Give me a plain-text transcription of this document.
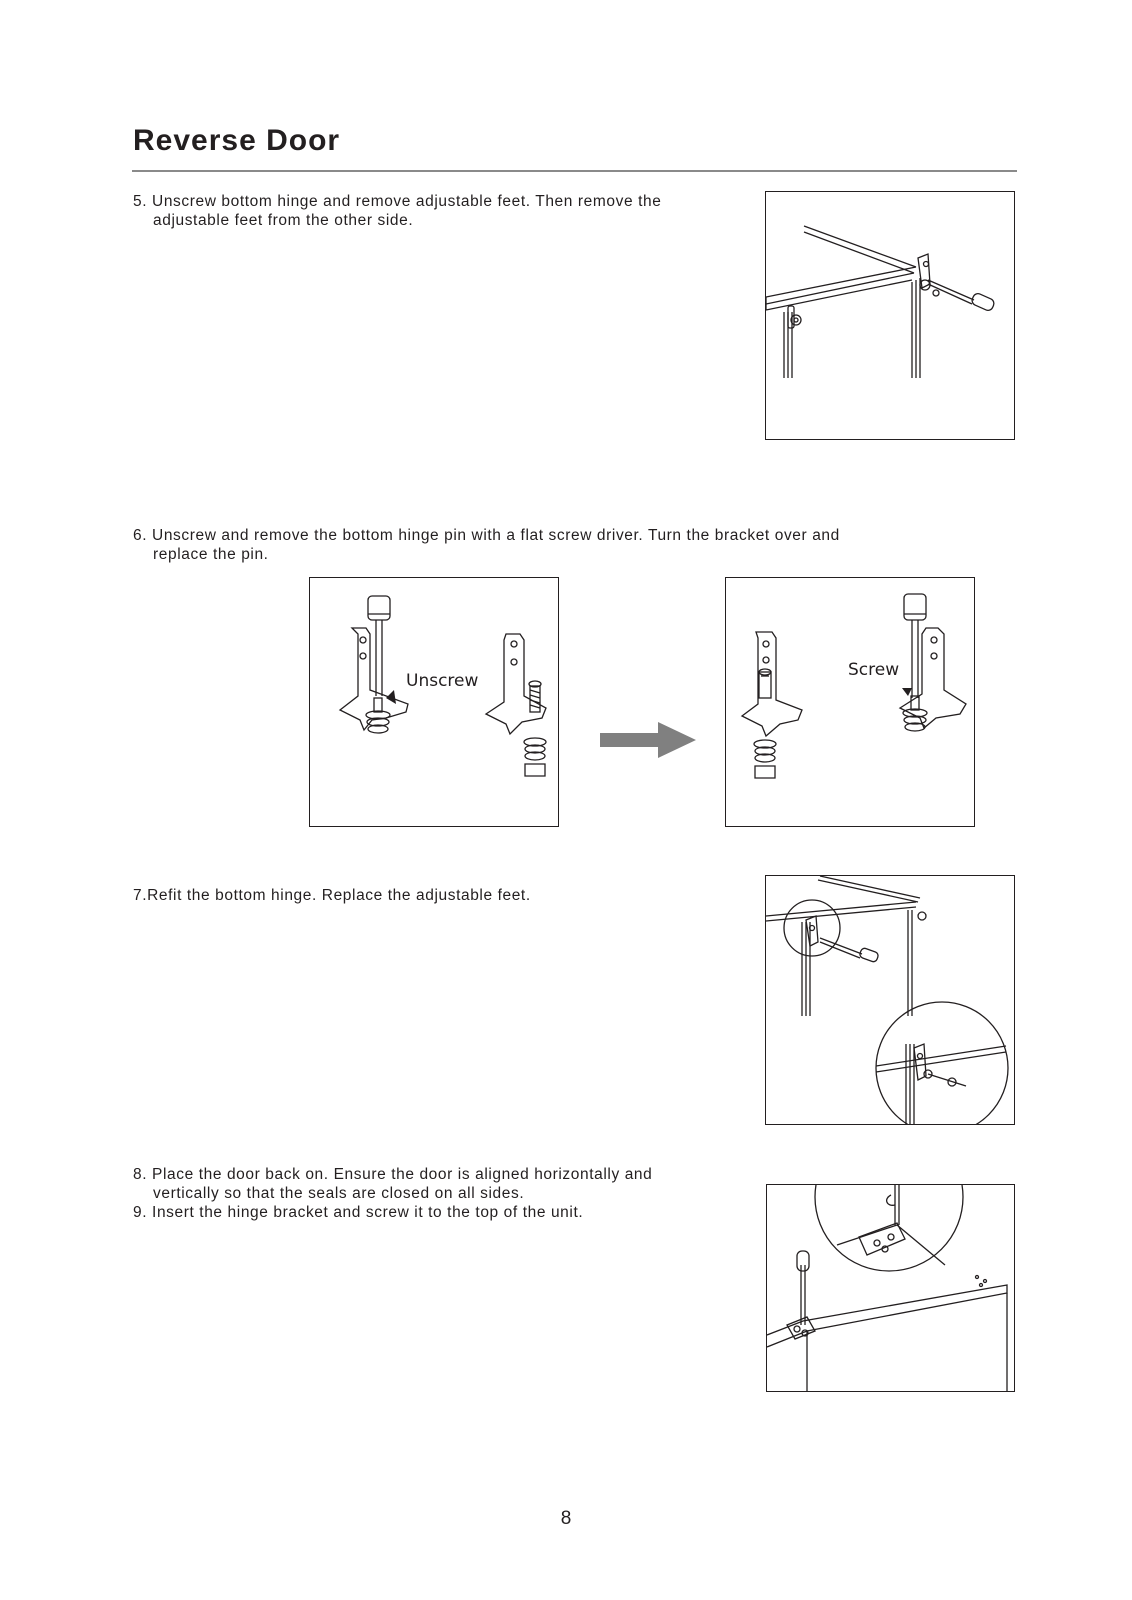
Reverse Door

5. Unscrew bottom hinge and remove adjustable feet. Then remove the
adjustable feet from the other side.

6. Unscrew and remove the bottom hinge pin with a flat screw driver. Turn the bracket over and
replace the pin.

Unscrew
Screw

7.Refit the bottom hinge. Replace the adjustable feet.

8. Place the door back on. Ensure the door is aligned horizontally and
vertically so that the seals are closed on all sides.
9. Insert the hinge bracket and screw it to the top of the unit.

8
